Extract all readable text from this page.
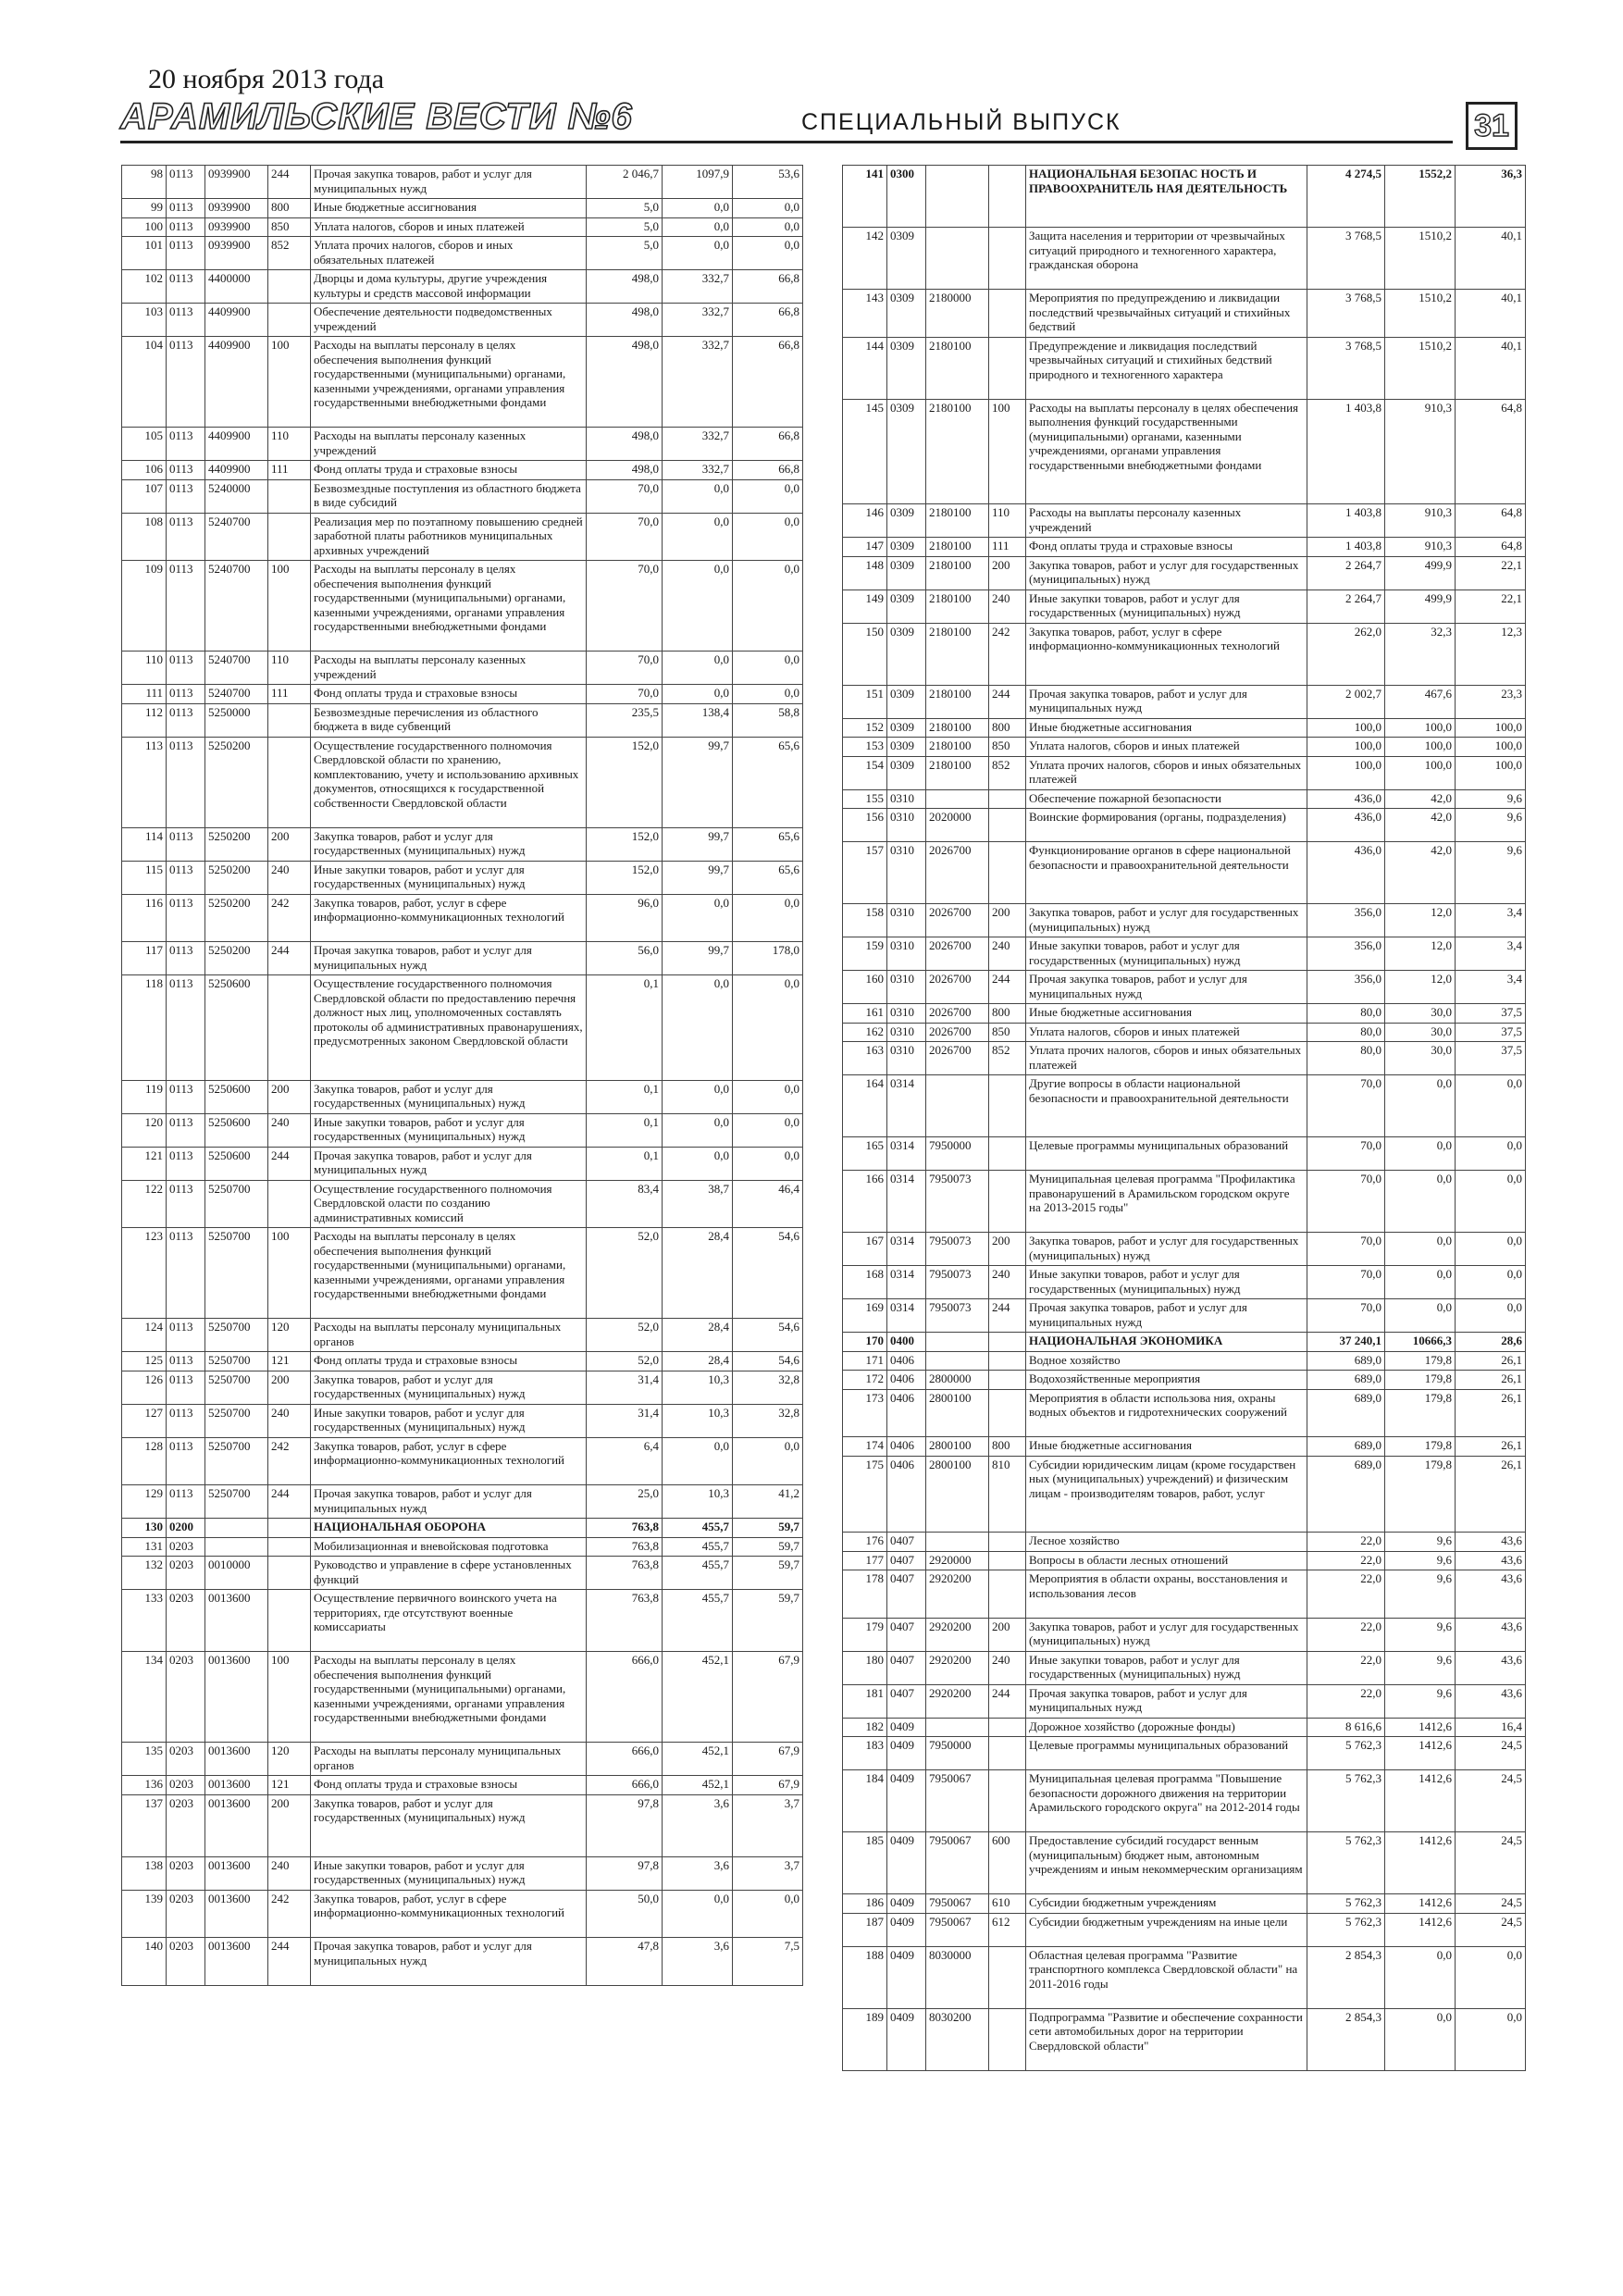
20 ноября 2013 года
АРАМИЛЬСКИЕ ВЕСТИ №6	СПЕЦИАЛЬНЫЙ ВЫПУСК	31
98	0113	0939900	244	Прочая закупка товаров, работ и услуг для муниципальных нужд	2 046,7	1097,9	53,6
99	0113	0939900	800	Иные бюджетные ассигнования	5,0	0,0	0,0
100	0113	0939900	850	Уплата налогов, сборов и иных платежей	5,0	0,0	0,0
101	0113	0939900	852	Уплата прочих налогов, сборов и иных обязательных платежей	5,0	0,0	0,0
102	0113	4400000		Дворцы и дома культуры, другие учреждения культуры и средств массовой информации	498,0	332,7	66,8
103	0113	4409900		Обеспечение деятельности подведомственных учреждений	498,0	332,7	66,8
104	0113	4409900	100	Расходы на выплаты персоналу в целях обеспечения выполнения функций государственными (муниципальными) органами, казенными учреждениями, органами управления государственными внебюджетными фондами	498,0	332,7	66,8
105	0113	4409900	110	Расходы на выплаты персоналу казенных учреждений	498,0	332,7	66,8
106	0113	4409900	111	Фонд оплаты труда и страховые взносы	498,0	332,7	66,8
107	0113	5240000		Безвозмездные поступления из областного бюджета в виде субсидий	70,0	0,0	0,0
108	0113	5240700		Реализация мер по поэтапному повышению средней заработной платы работников муниципальных архивных учреждений	70,0	0,0	0,0
109	0113	5240700	100	Расходы на выплаты персоналу в целях обеспечения выполнения функций государственными (муниципальными) органами, казенными учреждениями, органами управления государственными внебюджетными фондами	70,0	0,0	0,0
110	0113	5240700	110	Расходы на выплаты персоналу казенных учреждений	70,0	0,0	0,0
111	0113	5240700	111	Фонд оплаты труда и страховые взносы	70,0	0,0	0,0
112	0113	5250000		Безвозмездные перечисления из областного бюджета в виде субвенций	235,5	138,4	58,8
113	0113	5250200		Осуществление государственного полномочия Свердловской области по хранению, комплектованию, учету и использованию архивных документов, относящихся к государственной собственности Свердловской области	152,0	99,7	65,6
114	0113	5250200	200	Закупка товаров, работ и услуг для государственных (муниципальных) нужд	152,0	99,7	65,6
115	0113	5250200	240	Иные закупки товаров, работ и услуг для государственных (муниципальных) нужд	152,0	99,7	65,6
116	0113	5250200	242	Закупка товаров, работ, услуг в сфере информационно-коммуникационных технологий	96,0	0,0	0,0
117	0113	5250200	244	Прочая закупка товаров, работ и услуг для муниципальных нужд	56,0	99,7	178,0
118	0113	5250600		Осуществление государственного полномочия Свердловской области по предоставлению перечня должност ных лиц, уполномоченных составлять протоколы об административных правонарушениях, предусмотренных законом Свердловской области	0,1	0,0	0,0
119	0113	5250600	200	Закупка товаров, работ и услуг для государственных (муниципальных) нужд	0,1	0,0	0,0
120	0113	5250600	240	Иные закупки товаров, работ и услуг для государственных (муниципальных) нужд	0,1	0,0	0,0
121	0113	5250600	244	Прочая закупка товаров, работ и услуг для муниципальных нужд	0,1	0,0	0,0
122	0113	5250700		Осуществление государственного полномочия Свердловской оласти по созданию административных комиссий	83,4	38,7	46,4
123	0113	5250700	100	Расходы на выплаты персоналу в целях обеспечения выполнения функций государственными (муниципальными) органами, казенными учреждениями, органами управления государственными внебюджетными фондами	52,0	28,4	54,6
124	0113	5250700	120	Расходы на выплаты персоналу муниципальных органов	52,0	28,4	54,6
125	0113	5250700	121	Фонд оплаты труда и страховые взносы	52,0	28,4	54,6
126	0113	5250700	200	Закупка товаров, работ и услуг для государственных (муниципальных) нужд	31,4	10,3	32,8
127	0113	5250700	240	Иные закупки товаров, работ и услуг для государственных (муниципальных) нужд	31,4	10,3	32,8
128	0113	5250700	242	Закупка товаров, работ, услуг в сфере информационно-коммуникационных технологий	6,4	0,0	0,0
129	0113	5250700	244	Прочая закупка товаров, работ и услуг для муниципальных нужд	25,0	10,3	41,2
130	0200			НАЦИОНАЛЬНАЯ ОБОРОНА	763,8	455,7	59,7
131	0203			Мобилизационная и вневойсковая подготовка	763,8	455,7	59,7
132	0203	0010000		Руководство и управление в сфере установленных функций	763,8	455,7	59,7
133	0203	0013600		Осуществление первичного воинского учета на территориях, где отсутствуют военные комиссариаты	763,8	455,7	59,7
134	0203	0013600	100	Расходы на выплаты персоналу в целях обеспечения выполнения функций государственными (муниципальными) органами, казенными учреждениями, органами управления государственными внебюджетными фондами	666,0	452,1	67,9
135	0203	0013600	120	Расходы на выплаты персоналу муниципальных органов	666,0	452,1	67,9
136	0203	0013600	121	Фонд оплаты труда и страховые взносы	666,0	452,1	67,9
137	0203	0013600	200	Закупка товаров, работ и услуг для государственных (муниципальных) нужд	97,8	3,6	3,7
138	0203	0013600	240	Иные закупки товаров, работ и услуг для государственных (муниципальных) нужд	97,8	3,6	3,7
139	0203	0013600	242	Закупка товаров, работ, услуг в сфере информационно-коммуникационных технологий	50,0	0,0	0,0
140	0203	0013600	244	Прочая закупка товаров, работ и услуг для муниципальных нужд	47,8	3,6	7,5
141	0300			НАЦИОНАЛЬНАЯ БЕЗОПАС НОСТЬ И ПРАВООХРАНИТЕЛЬ НАЯ ДЕЯТЕЛЬНОСТЬ	4 274,5	1552,2	36,3
142	0309			Защита населения и территории от чрезвычайных ситуаций природного и техногенного характера, гражданская оборона	3 768,5	1510,2	40,1
143	0309	2180000		Мероприятия по предупреждению и ликвидации последствий чрезвычайных ситуаций и стихийных бедствий	3 768,5	1510,2	40,1
144	0309	2180100		Предупреждение и ликвидация последствий чрезвычайных ситуаций и стихийных бедствий природного и техногенного характера	3 768,5	1510,2	40,1
145	0309	2180100	100	Расходы на выплаты персоналу в целях обеспечения выполнения функций государственными (муниципальными) органами, казенными учреждениями, органами управления государственными внебюджетными фондами	1 403,8	910,3	64,8
146	0309	2180100	110	Расходы на выплаты персоналу казенных учреждений	1 403,8	910,3	64,8
147	0309	2180100	111	Фонд оплаты труда и страховые взносы	1 403,8	910,3	64,8
148	0309	2180100	200	Закупка товаров, работ и услуг для государственных (муниципальных) нужд	2 264,7	499,9	22,1
149	0309	2180100	240	Иные закупки товаров, работ и услуг для государственных (муниципальных) нужд	2 264,7	499,9	22,1
150	0309	2180100	242	Закупка товаров, работ, услуг в сфере информационно-коммуникационных технологий	262,0	32,3	12,3
151	0309	2180100	244	Прочая закупка товаров, работ и услуг для муниципальных нужд	2 002,7	467,6	23,3
152	0309	2180100	800	Иные бюджетные ассигнования	100,0	100,0	100,0
153	0309	2180100	850	Уплата налогов, сборов и иных платежей	100,0	100,0	100,0
154	0309	2180100	852	Уплата прочих налогов, сборов и иных обязательных платежей	100,0	100,0	100,0
155	0310			Обеспечение пожарной безопасности	436,0	42,0	9,6
156	0310	2020000		Воинские формирования (органы, подразделения)	436,0	42,0	9,6
157	0310	2026700		Функционирование органов в сфере национальной безопасности и правоохранительной деятельности	436,0	42,0	9,6
158	0310	2026700	200	Закупка товаров, работ и услуг для государственных (муниципальных) нужд	356,0	12,0	3,4
159	0310	2026700	240	Иные закупки товаров, работ и услуг для государственных (муниципальных) нужд	356,0	12,0	3,4
160	0310	2026700	244	Прочая закупка товаров, работ и услуг для муниципальных нужд	356,0	12,0	3,4
161	0310	2026700	800	Иные бюджетные ассигнования	80,0	30,0	37,5
162	0310	2026700	850	Уплата налогов, сборов и иных платежей	80,0	30,0	37,5
163	0310	2026700	852	Уплата прочих налогов, сборов и иных обязательных платежей	80,0	30,0	37,5
164	0314			Другие вопросы в области национальной безопасности и правоохранительной деятельности	70,0	0,0	0,0
165	0314	7950000		Целевые программы муниципальных образований	70,0	0,0	0,0
166	0314	7950073		Муниципальная целевая программа "Профилактика правонарушений в Арамильском городском округе на 2013-2015 годы"	70,0	0,0	0,0
167	0314	7950073	200	Закупка товаров, работ и услуг для государственных (муниципальных) нужд	70,0	0,0	0,0
168	0314	7950073	240	Иные закупки товаров, работ и услуг для государственных (муниципальных) нужд	70,0	0,0	0,0
169	0314	7950073	244	Прочая закупка товаров, работ и услуг для муниципальных нужд	70,0	0,0	0,0
170	0400			НАЦИОНАЛЬНАЯ ЭКОНОМИКА	37 240,1	10666,3	28,6
171	0406			Водное хозяйство	689,0	179,8	26,1
172	0406	2800000		Водохозяйственные мероприятия	689,0	179,8	26,1
173	0406	2800100		Мероприятия в области использова ния, охраны водных объектов и гидротехнических сооружений	689,0	179,8	26,1
174	0406	2800100	800	Иные бюджетные ассигнования	689,0	179,8	26,1
175	0406	2800100	810	Субсидии юридическим лицам (кроме государствен ных (муниципальных) учреждений) и физическим лицам - производителям товаров, работ, услуг	689,0	179,8	26,1
176	0407			Лесное хозяйство	22,0	9,6	43,6
177	0407	2920000		Вопросы в области лесных отношений	22,0	9,6	43,6
178	0407	2920200		Мероприятия в области охраны, восстановления и использования лесов	22,0	9,6	43,6
179	0407	2920200	200	Закупка товаров, работ и услуг для государственных (муниципальных) нужд	22,0	9,6	43,6
180	0407	2920200	240	Иные закупки товаров, работ и услуг для государственных (муниципальных) нужд	22,0	9,6	43,6
181	0407	2920200	244	Прочая закупка товаров, работ и услуг для муниципальных нужд	22,0	9,6	43,6
182	0409			Дорожное хозяйство (дорожные фонды)	8 616,6	1412,6	16,4
183	0409	7950000		Целевые программы муниципальных образований	5 762,3	1412,6	24,5
184	0409	7950067		Муниципальная целевая программа "Повышение безопасности дорожного движения на территории Арамильского городского округа" на 2012-2014 годы	5 762,3	1412,6	24,5
185	0409	7950067	600	Предоставление субсидий государст венным (муниципальным) бюджет ным, автономным учреждениям и иным некоммерческим организациям	5 762,3	1412,6	24,5
186	0409	7950067	610	Субсидии бюджетным учреждениям	5 762,3	1412,6	24,5
187	0409	7950067	612	Субсидии бюджетным учреждениям на иные цели	5 762,3	1412,6	24,5
188	0409	8030000		Областная целевая программа "Развитие транспортного комплекса Свердловской области" на 2011-2016 годы	2 854,3	0,0	0,0
189	0409	8030200		Подпрограмма "Развитие и обеспечение сохранности сети автомобильных дорог на территории Свердловской области"	2 854,3	0,0	0,0
